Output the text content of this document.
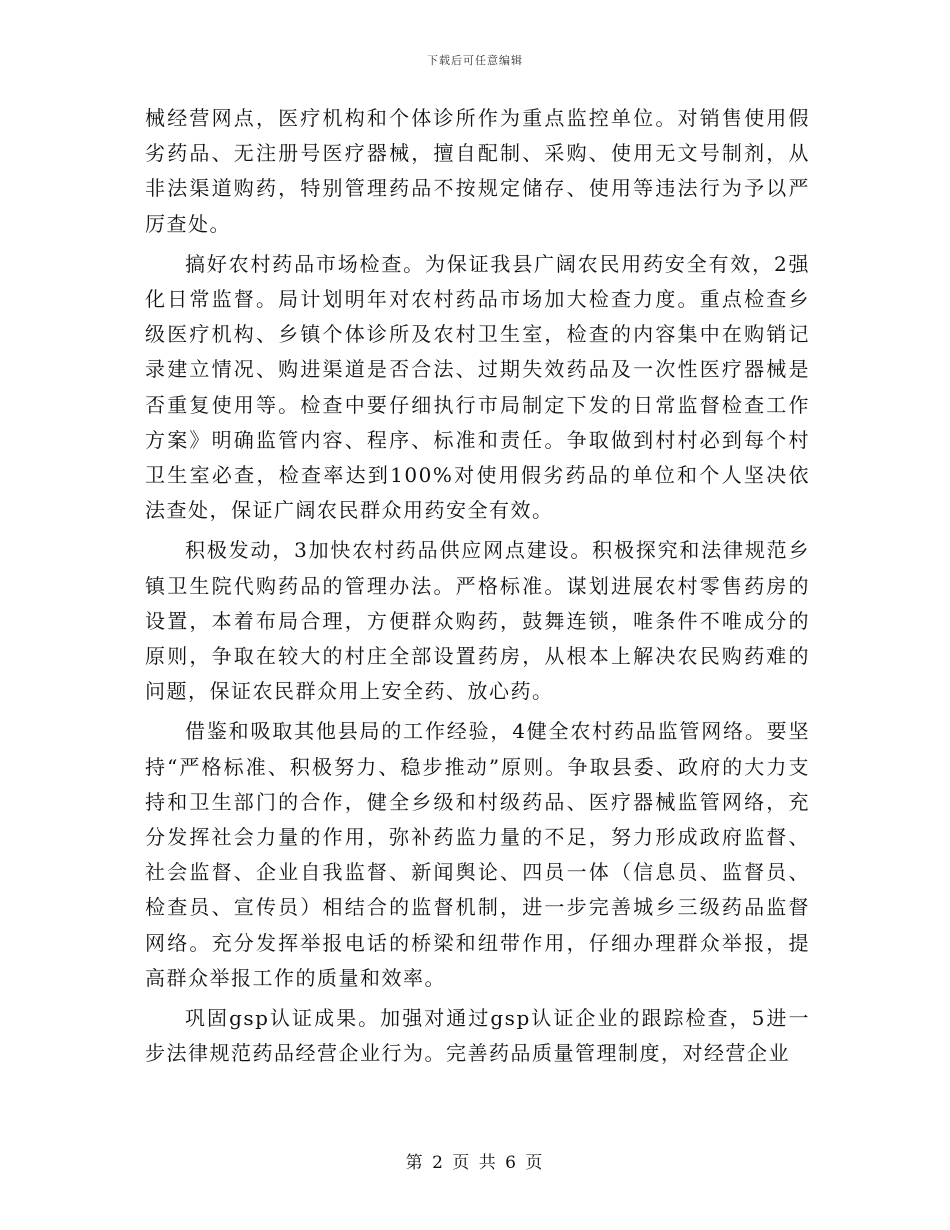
下载后可任意编辑

械经营网点，医疗机构和个体诊所作为重点监控单位。对销售使用假劣药品、无注册号医疗器械，擅自配制、采购、使用无文号制剂，从非法渠道购药，特别管理药品不按规定储存、使用等违法行为予以严厉查处。

搞好农村药品市场检查。为保证我县广阔农民用药安全有效，2强化日常监督。局计划明年对农村药品市场加大检查力度。重点检查乡级医疗机构、乡镇个体诊所及农村卫生室，检查的内容集中在购销记录建立情况、购进渠道是否合法、过期失效药品及一次性医疗器械是否重复使用等。检查中要仔细执行市局制定下发的日常监督检查工作方案》明确监管内容、程序、标准和责任。争取做到村村必到每个村卫生室必查，检查率达到100%对使用假劣药品的单位和个人坚决依法查处，保证广阔农民群众用药安全有效。

积极发动，3加快农村药品供应网点建设。积极探究和法律规范乡镇卫生院代购药品的管理办法。严格标准。谋划进展农村零售药房的设置，本着布局合理，方便群众购药，鼓舞连锁，唯条件不唯成分的原则，争取在较大的村庄全部设置药房，从根本上解决农民购药难的问题，保证农民群众用上安全药、放心药。

借鉴和吸取其他县局的工作经验，4健全农村药品监管网络。要坚持“严格标准、积极努力、稳步推动”原则。争取县委、政府的大力支持和卫生部门的合作，健全乡级和村级药品、医疗器械监管网络，充分发挥社会力量的作用，弥补药监力量的不足，努力形成政府监督、社会监督、企业自我监督、新闻舆论、四员一体（信息员、监督员、检查员、宣传员）相结合的监督机制，进一步完善城乡三级药品监督网络。充分发挥举报电话的桥梁和纽带作用，仔细办理群众举报，提高群众举报工作的质量和效率。

巩固gsp认证成果。加强对通过gsp认证企业的跟踪检查，5进一步法律规范药品经营企业行为。完善药品质量管理制度，对经营企业

第 2 页 共 6 页
